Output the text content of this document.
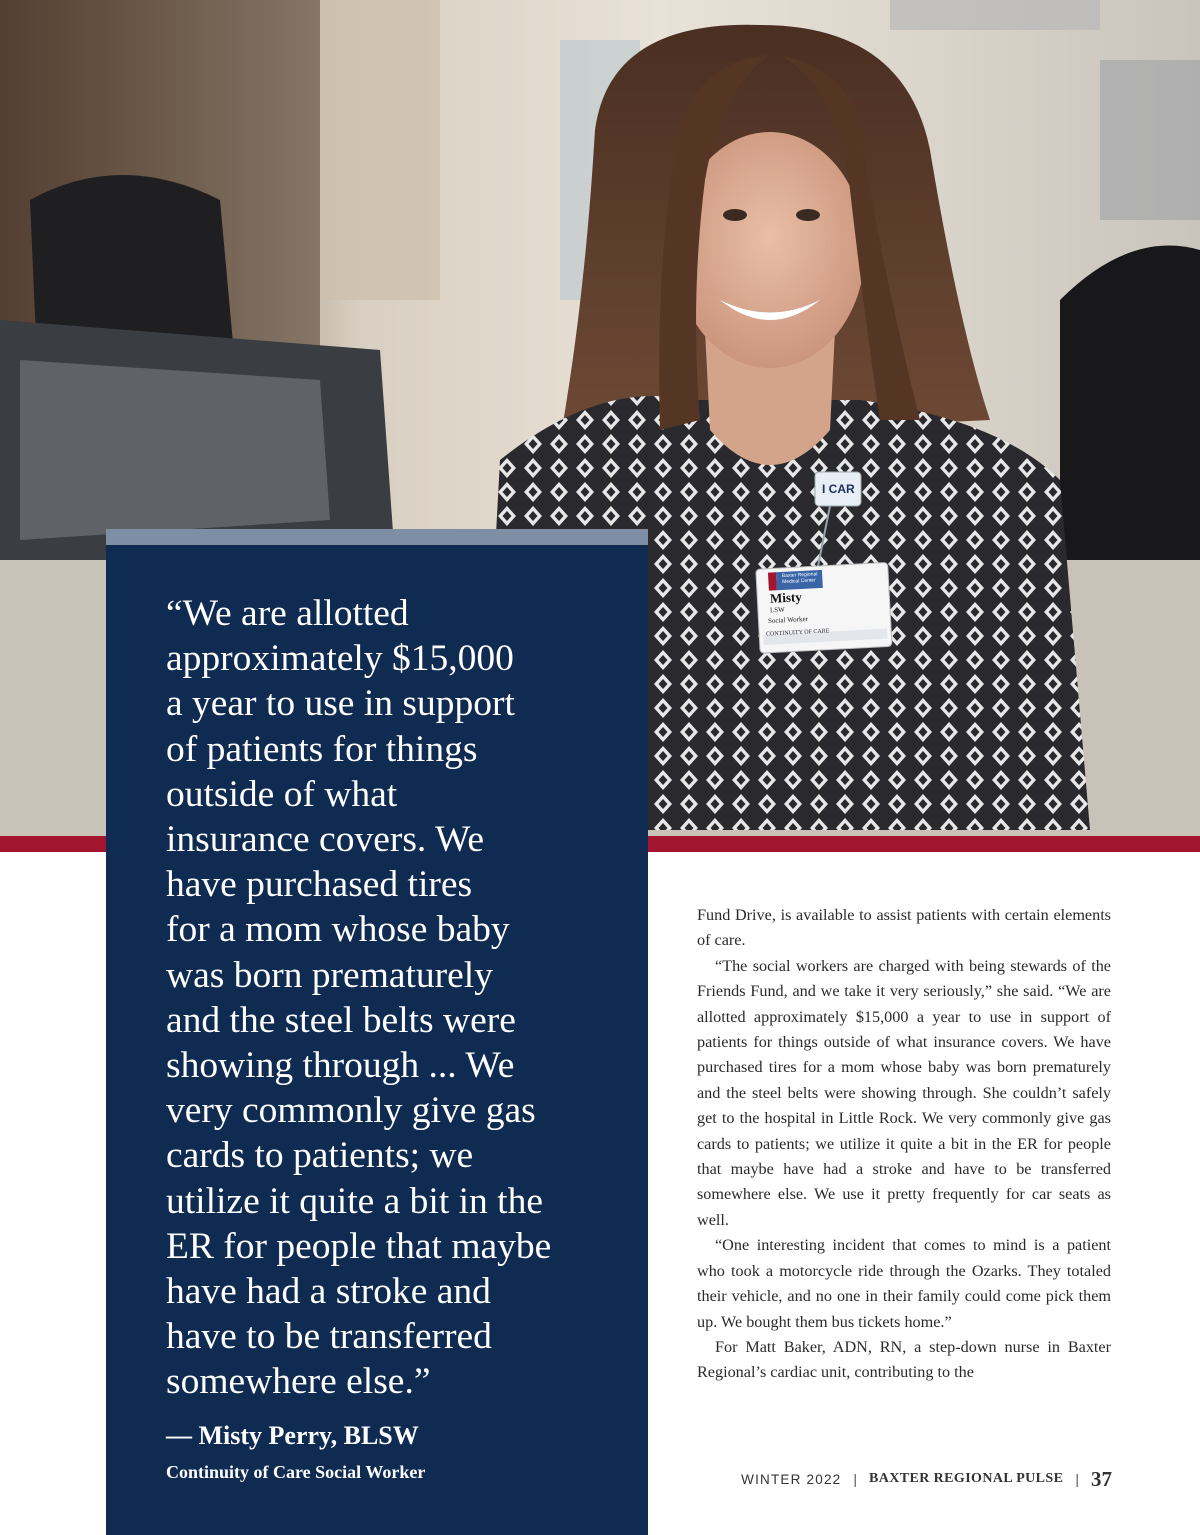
I CAR
Baxter Regional Medical Center
Misty
LSW
Social Worker
CONTINUITY OF CARE

“We are allotted
approximately $15,000
a year to use in support
of patients for things
outside of what
insurance covers. We
have purchased tires
for a mom whose baby
was born prematurely
and the steel belts were
showing through ... We
very commonly give gas
cards to patients; we
utilize it quite a bit in the
ER for people that maybe
have had a stroke and
have to be transferred
somewhere else.”

— Misty Perry, BLSW

Continuity of Care Social Worker

Fund Drive, is available to assist patients with certain elements of care.

“The social workers are charged with being stewards of the Friends Fund, and we take it very seriously,” she said. “We are allotted approximately $15,000 a year to use in support of patients for things outside of what insurance covers. We have purchased tires for a mom whose baby was born prematurely and the steel belts were showing through. She couldn’t safely get to the hospital in Little Rock. We very commonly give gas cards to patients; we utilize it quite a bit in the ER for people that maybe have had a stroke and have to be transferred somewhere else. We use it pretty frequently for car seats as well.

“One interesting incident that comes to mind is a patient who took a motorcycle ride through the Ozarks. They totaled their vehicle, and no one in their family could come pick them up. We bought them bus tickets home.”

For Matt Baker, ADN, RN, a step-down nurse in Baxter Regional’s cardiac unit, contributing to the

WINTER 2022 | BAXTER REGIONAL PULSE | 37
